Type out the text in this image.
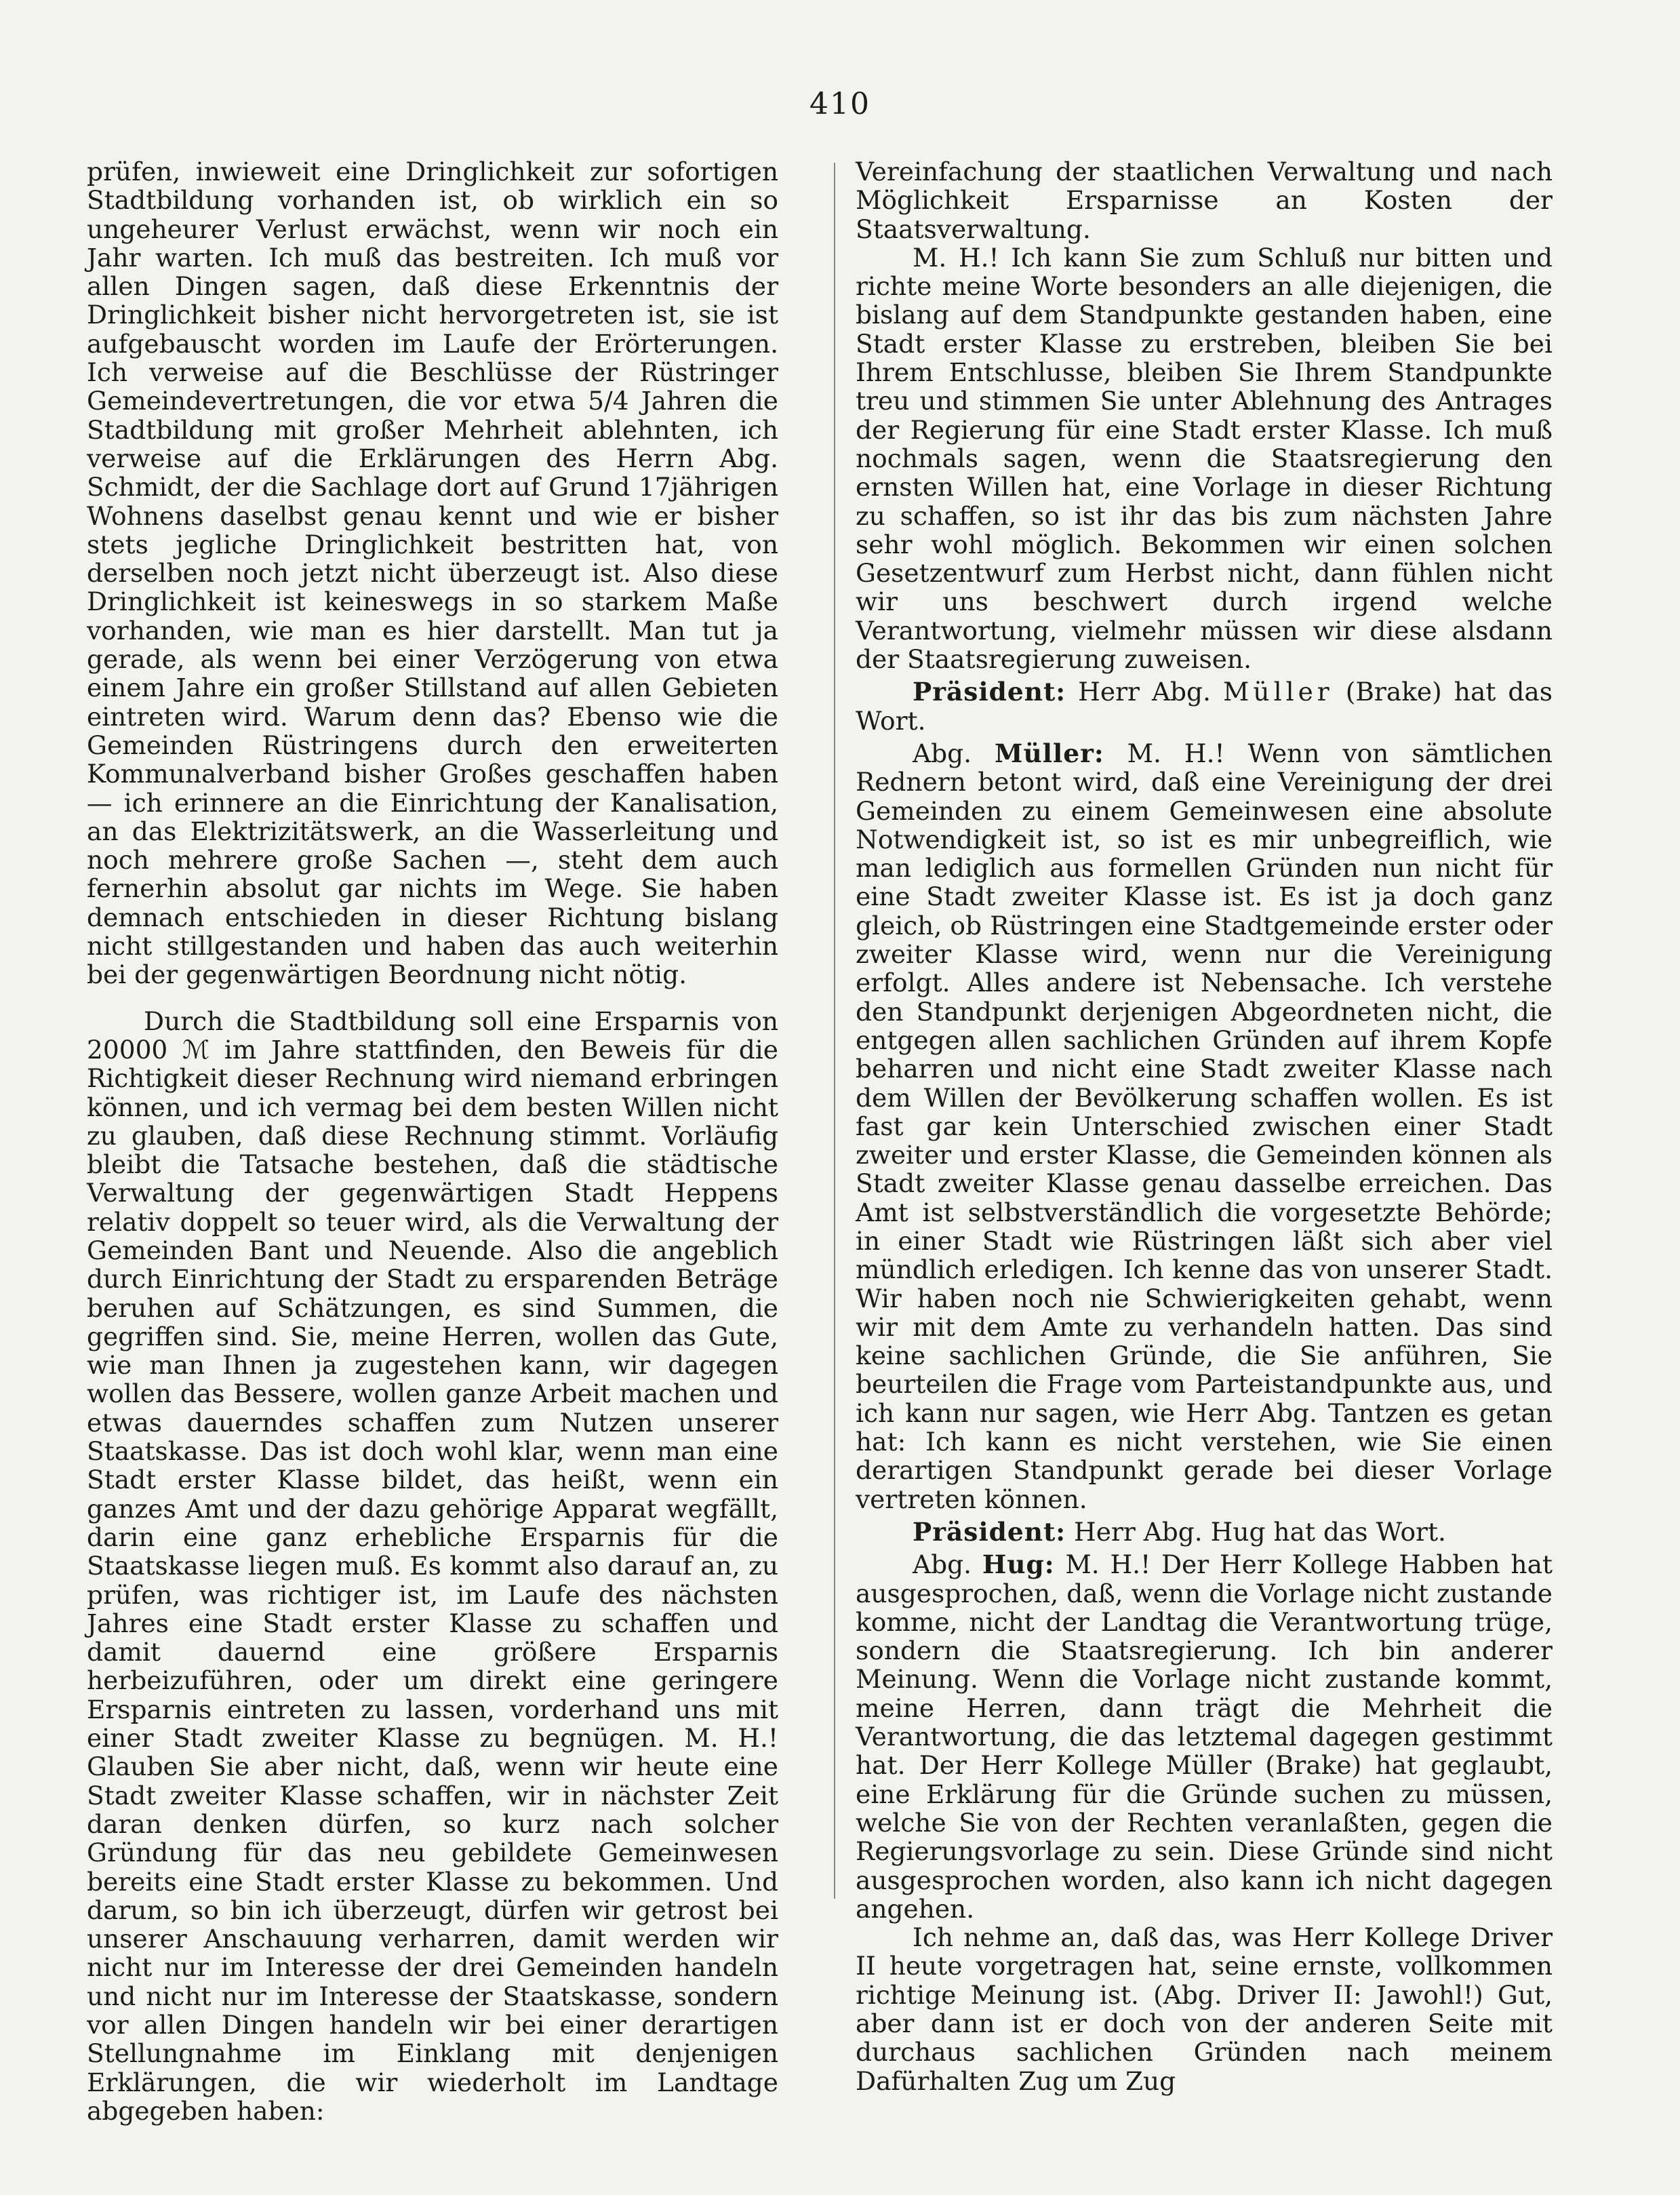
410

prüfen, inwieweit eine Dringlichkeit zur sofortigen Stadtbildung vorhanden ist, ob wirklich ein so ungeheurer Verlust erwächst, wenn wir noch ein Jahr warten. Ich muß das bestreiten. Ich muß vor allen Dingen sagen, daß diese Erkenntnis der Dringlichkeit bisher nicht hervorgetreten ist, sie ist aufgebauscht worden im Laufe der Erörterungen. Ich verweise auf die Beschlüsse der Rüstringer Gemeindevertretungen, die vor etwa 5/4 Jahren die Stadtbildung mit großer Mehrheit ablehnten, ich verweise auf die Erklärungen des Herrn Abg. Schmidt, der die Sachlage dort auf Grund 17jährigen Wohnens daselbst genau kennt und wie er bisher stets jegliche Dringlichkeit bestritten hat, von derselben noch jetzt nicht überzeugt ist. Also diese Dringlichkeit ist keineswegs in so starkem Maße vorhanden, wie man es hier darstellt. Man tut ja gerade, als wenn bei einer Verzögerung von etwa einem Jahre ein großer Stillstand auf allen Gebieten eintreten wird. Warum denn das? Ebenso wie die Gemeinden Rüstringens durch den erweiterten Kommunalverband bisher Großes geschaffen haben — ich erinnere an die Einrichtung der Kanalisation, an das Elektrizitätswerk, an die Wasserleitung und noch mehrere große Sachen —, steht dem auch fernerhin absolut gar nichts im Wege. Sie haben demnach entschieden in dieser Richtung bislang nicht stillgestanden und haben das auch weiterhin bei der gegenwärtigen Beordnung nicht nötig.

Durch die Stadtbildung soll eine Ersparnis von 20000 ℳ im Jahre stattfinden, den Beweis für die Richtigkeit dieser Rechnung wird niemand erbringen können, und ich vermag bei dem besten Willen nicht zu glauben, daß diese Rechnung stimmt. Vorläufig bleibt die Tatsache bestehen, daß die städtische Verwaltung der gegenwärtigen Stadt Heppens relativ doppelt so teuer wird, als die Verwaltung der Gemeinden Bant und Neuende. Also die angeblich durch Einrichtung der Stadt zu ersparenden Beträge beruhen auf Schätzungen, es sind Summen, die gegriffen sind. Sie, meine Herren, wollen das Gute, wie man Ihnen ja zugestehen kann, wir dagegen wollen das Bessere, wollen ganze Arbeit machen und etwas dauerndes schaffen zum Nutzen unserer Staatskasse. Das ist doch wohl klar, wenn man eine Stadt erster Klasse bildet, das heißt, wenn ein ganzes Amt und der dazu gehörige Apparat wegfällt, darin eine ganz erhebliche Ersparnis für die Staatskasse liegen muß. Es kommt also darauf an, zu prüfen, was richtiger ist, im Laufe des nächsten Jahres eine Stadt erster Klasse zu schaffen und damit dauernd eine größere Ersparnis herbeizuführen, oder um direkt eine geringere Ersparnis eintreten zu lassen, vorderhand uns mit einer Stadt zweiter Klasse zu begnügen. M. H.! Glauben Sie aber nicht, daß, wenn wir heute eine Stadt zweiter Klasse schaffen, wir in nächster Zeit daran denken dürfen, so kurz nach solcher Gründung für das neu gebildete Gemeinwesen bereits eine Stadt erster Klasse zu bekommen. Und darum, so bin ich überzeugt, dürfen wir getrost bei unserer Anschauung verharren, damit werden wir nicht nur im Interesse der drei Gemeinden handeln und nicht nur im Interesse der Staatskasse, sondern vor allen Dingen handeln wir bei einer derartigen Stellungnahme im Einklang mit denjenigen Erklärungen, die wir wiederholt im Landtage abgegeben haben:

Vereinfachung der staatlichen Verwaltung und nach Möglichkeit Ersparnisse an Kosten der Staatsverwaltung.

M. H.! Ich kann Sie zum Schluß nur bitten und richte meine Worte besonders an alle diejenigen, die bislang auf dem Standpunkte gestanden haben, eine Stadt erster Klasse zu erstreben, bleiben Sie bei Ihrem Entschlusse, bleiben Sie Ihrem Standpunkte treu und stimmen Sie unter Ablehnung des Antrages der Regierung für eine Stadt erster Klasse. Ich muß nochmals sagen, wenn die Staatsregierung den ernsten Willen hat, eine Vorlage in dieser Richtung zu schaffen, so ist ihr das bis zum nächsten Jahre sehr wohl möglich. Bekommen wir einen solchen Gesetzentwurf zum Herbst nicht, dann fühlen nicht wir uns beschwert durch irgend welche Verantwortung, vielmehr müssen wir diese alsdann der Staatsregierung zuweisen.

Präsident: Herr Abg. Müller (Brake) hat das Wort.

Abg. Müller: M. H.! Wenn von sämtlichen Rednern betont wird, daß eine Vereinigung der drei Gemeinden zu einem Gemeinwesen eine absolute Notwendigkeit ist, so ist es mir unbegreiflich, wie man lediglich aus formellen Gründen nun nicht für eine Stadt zweiter Klasse ist. Es ist ja doch ganz gleich, ob Rüstringen eine Stadtgemeinde erster oder zweiter Klasse wird, wenn nur die Vereinigung erfolgt. Alles andere ist Nebensache. Ich verstehe den Standpunkt derjenigen Abgeordneten nicht, die entgegen allen sachlichen Gründen auf ihrem Kopfe beharren und nicht eine Stadt zweiter Klasse nach dem Willen der Bevölkerung schaffen wollen. Es ist fast gar kein Unterschied zwischen einer Stadt zweiter und erster Klasse, die Gemeinden können als Stadt zweiter Klasse genau dasselbe erreichen. Das Amt ist selbstverständlich die vorgesetzte Behörde; in einer Stadt wie Rüstringen läßt sich aber viel mündlich erledigen. Ich kenne das von unserer Stadt. Wir haben noch nie Schwierigkeiten gehabt, wenn wir mit dem Amte zu verhandeln hatten. Das sind keine sachlichen Gründe, die Sie anführen, Sie beurteilen die Frage vom Parteistandpunkte aus, und ich kann nur sagen, wie Herr Abg. Tantzen es getan hat: Ich kann es nicht verstehen, wie Sie einen derartigen Standpunkt gerade bei dieser Vorlage vertreten können.

Präsident: Herr Abg. Hug hat das Wort.

Abg. Hug: M. H.! Der Herr Kollege Habben hat ausgesprochen, daß, wenn die Vorlage nicht zustande komme, nicht der Landtag die Verantwortung trüge, sondern die Staatsregierung. Ich bin anderer Meinung. Wenn die Vorlage nicht zustande kommt, meine Herren, dann trägt die Mehrheit die Verantwortung, die das letztemal dagegen gestimmt hat. Der Herr Kollege Müller (Brake) hat geglaubt, eine Erklärung für die Gründe suchen zu müssen, welche Sie von der Rechten veranlaßten, gegen die Regierungsvorlage zu sein. Diese Gründe sind nicht ausgesprochen worden, also kann ich nicht dagegen angehen.

Ich nehme an, daß das, was Herr Kollege Driver II heute vorgetragen hat, seine ernste, vollkommen richtige Meinung ist. (Abg. Driver II: Jawohl!) Gut, aber dann ist er doch von der anderen Seite mit durchaus sachlichen Gründen nach meinem Dafürhalten Zug um Zug
